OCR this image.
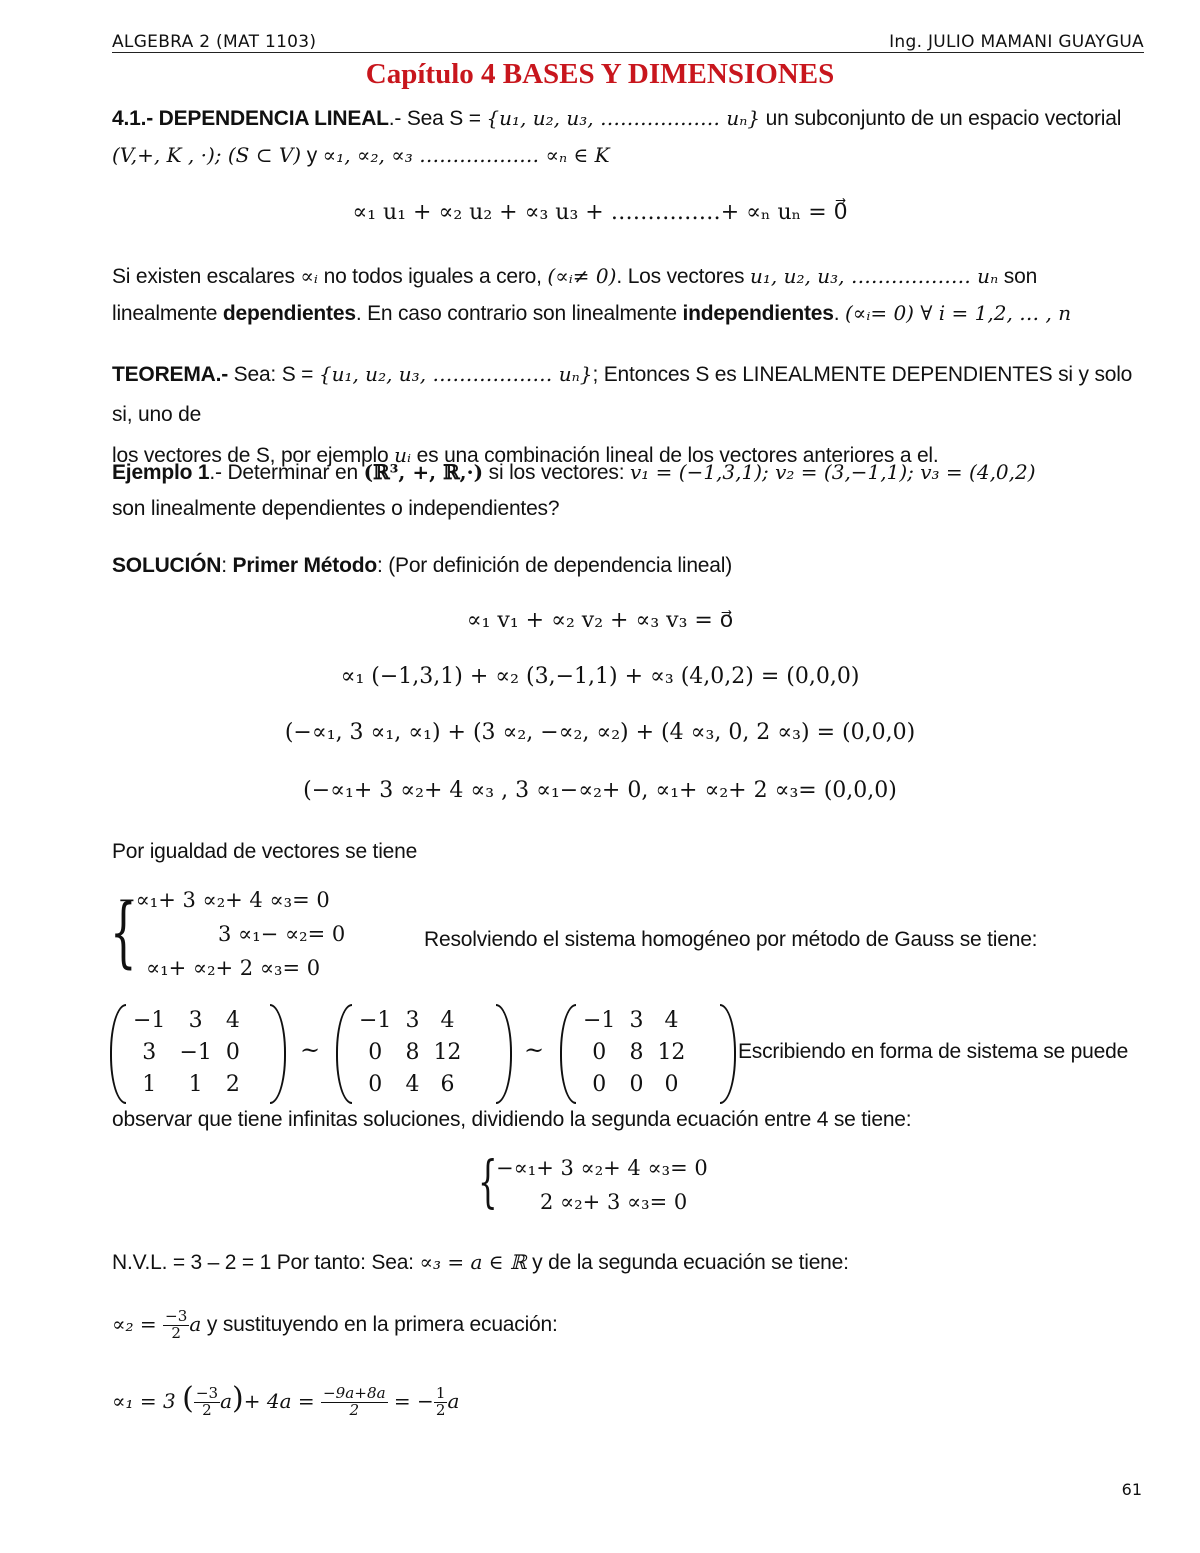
ALGEBRA 2 (MAT 1103)	Ing. JULIO MAMANI GUAYGUA
Capítulo 4 BASES Y DIMENSIONES
4.1.- DEPENDENCIA LINEAL.- Sea S = {u₁, u₂, u₃, ……………… uₙ} un subconjunto de un espacio vectorial
(V,+, K , ·); (S ⊂ V) y ∝₁, ∝₂, ∝₃ ……………… ∝ₙ ∈ K
∝₁ u₁ + ∝₂ u₂ + ∝₃ u₃ + ……………+ ∝ₙ uₙ = 0⃗
Si existen escalares ∝ᵢ no todos iguales a cero, (∝ᵢ≠ 0). Los vectores u₁, u₂, u₃, ……………… uₙ son
linealmente dependientes. En caso contrario son linealmente independientes. (∝ᵢ= 0) ∀ i = 1,2, … , n
TEOREMA.- Sea: S = {u₁, u₂, u₃, ……………… uₙ}; Entonces S es LINEALMENTE DEPENDIENTES si y solo si, uno de
los vectores de S, por ejemplo uᵢ es una combinación lineal de los vectores anteriores a el.
Ejemplo 1.- Determinar en (ℝ³, +, ℝ,·) si los vectores: v₁ = (−1,3,1); v₂ = (3,−1,1); v₃ = (4,0,2)
son linealmente dependientes o independientes?
SOLUCIÓN: Primer Método: (Por definición de dependencia lineal)
∝₁ v₁ + ∝₂ v₂ + ∝₃ v₃ = o⃗
∝₁ (−1,3,1) + ∝₂ (3,−1,1) + ∝₃ (4,0,2) = (0,0,0)
(−∝₁, 3 ∝₁, ∝₁) + (3 ∝₂, −∝₂, ∝₂) + (4 ∝₃, 0, 2 ∝₃) = (0,0,0)
(−∝₁+ 3 ∝₂+ 4 ∝₃ , 3 ∝₁−∝₂+ 0, ∝₁+ ∝₂+ 2 ∝₃= (0,0,0)
Por igualdad de vectores se tiene
{
−∝₁+ 3 ∝₂+ 4 ∝₃= 0
3 ∝₁− ∝₂= 0
∝₁+ ∝₂+ 2 ∝₃= 0
Resolviendo el sistema homogéneo por método de Gauss se tiene:
−1	3	4
3	−1	0
1	1	2
~
−1	3	4
0	8	12
0	4	6
~
−1	3	4
0	8	12
0	0	0
Escribiendo en forma de sistema se puede
observar que tiene infinitas soluciones, dividiendo la segunda ecuación entre 4 se tiene:
{
−∝₁+ 3 ∝₂+ 4 ∝₃= 0
2 ∝₂+ 3 ∝₃= 0
N.V.L. = 3 – 2 = 1 Por tanto: Sea: ∝₃ = a ∈ ℝ y de la segunda ecuación se tiene:
$\propto_2 = \frac{-3}{2}$ a y sustituyendo en la primera ecuación:
∝₁ = 3 ( $\frac{-3}{2} a)+ 4a = \frac{-9a+8a}{2}$ = − $\frac{1}{2}$ a
61
